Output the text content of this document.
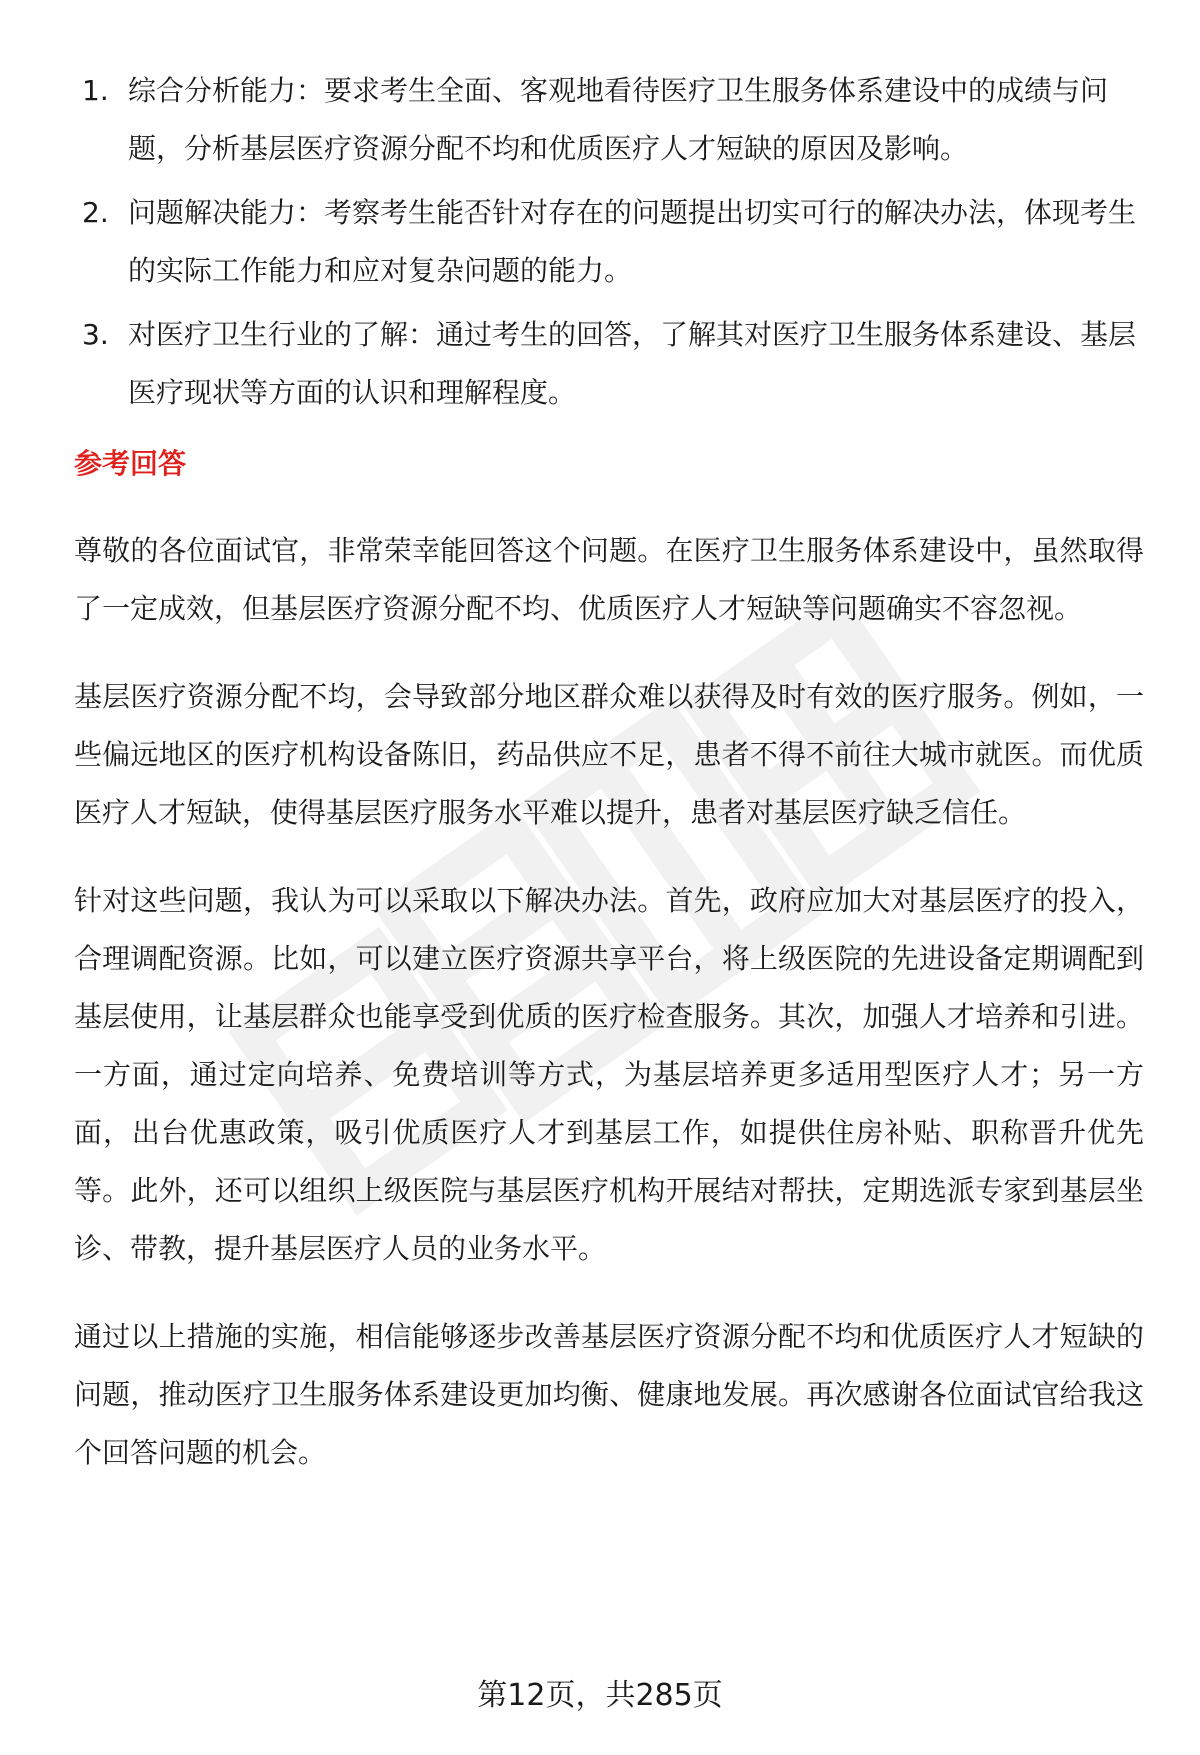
1. 综合分析能力：要求考生全面、客观地看待医疗卫生服务体系建设中的成绩与问题，分析基层医疗资源分配不均和优质医疗人才短缺的原因及影响。
2. 问题解决能力：考察考生能否针对存在的问题提出切实可行的解决办法，体现考生的实际工作能力和应对复杂问题的能力。
3. 对医疗卫生行业的了解：通过考生的回答，了解其对医疗卫生服务体系建设、基层医疗现状等方面的认识和理解程度。
参考回答

尊敬的各位面试官，非常荣幸能回答这个问题。在医疗卫生服务体系建设中，虽然取得了一定成效，但基层医疗资源分配不均、优质医疗人才短缺等问题确实不容忽视。

基层医疗资源分配不均，会导致部分地区群众难以获得及时有效的医疗服务。例如，一些偏远地区的医疗机构设备陈旧，药品供应不足，患者不得不前往大城市就医。而优质医疗人才短缺，使得基层医疗服务水平难以提升，患者对基层医疗缺乏信任。

针对这些问题，我认为可以采取以下解决办法。首先，政府应加大对基层医疗的投入，合理调配资源。比如，可以建立医疗资源共享平台，将上级医院的先进设备定期调配到基层使用，让基层群众也能享受到优质的医疗检查服务。其次，加强人才培养和引进。一方面，通过定向培养、免费培训等方式，为基层培养更多适用型医疗人才；另一方面，出台优惠政策，吸引优质医疗人才到基层工作，如提供住房补贴、职称晋升优先等。此外，还可以组织上级医院与基层医疗机构开展结对帮扶，定期选派专家到基层坐诊、带教，提升基层医疗人员的业务水平。

通过以上措施的实施，相信能够逐步改善基层医疗资源分配不均和优质医疗人才短缺的问题，推动医疗卫生服务体系建设更加均衡、健康地发展。再次感谢各位面试官给我这个回答问题的机会。

第12页，共285页
